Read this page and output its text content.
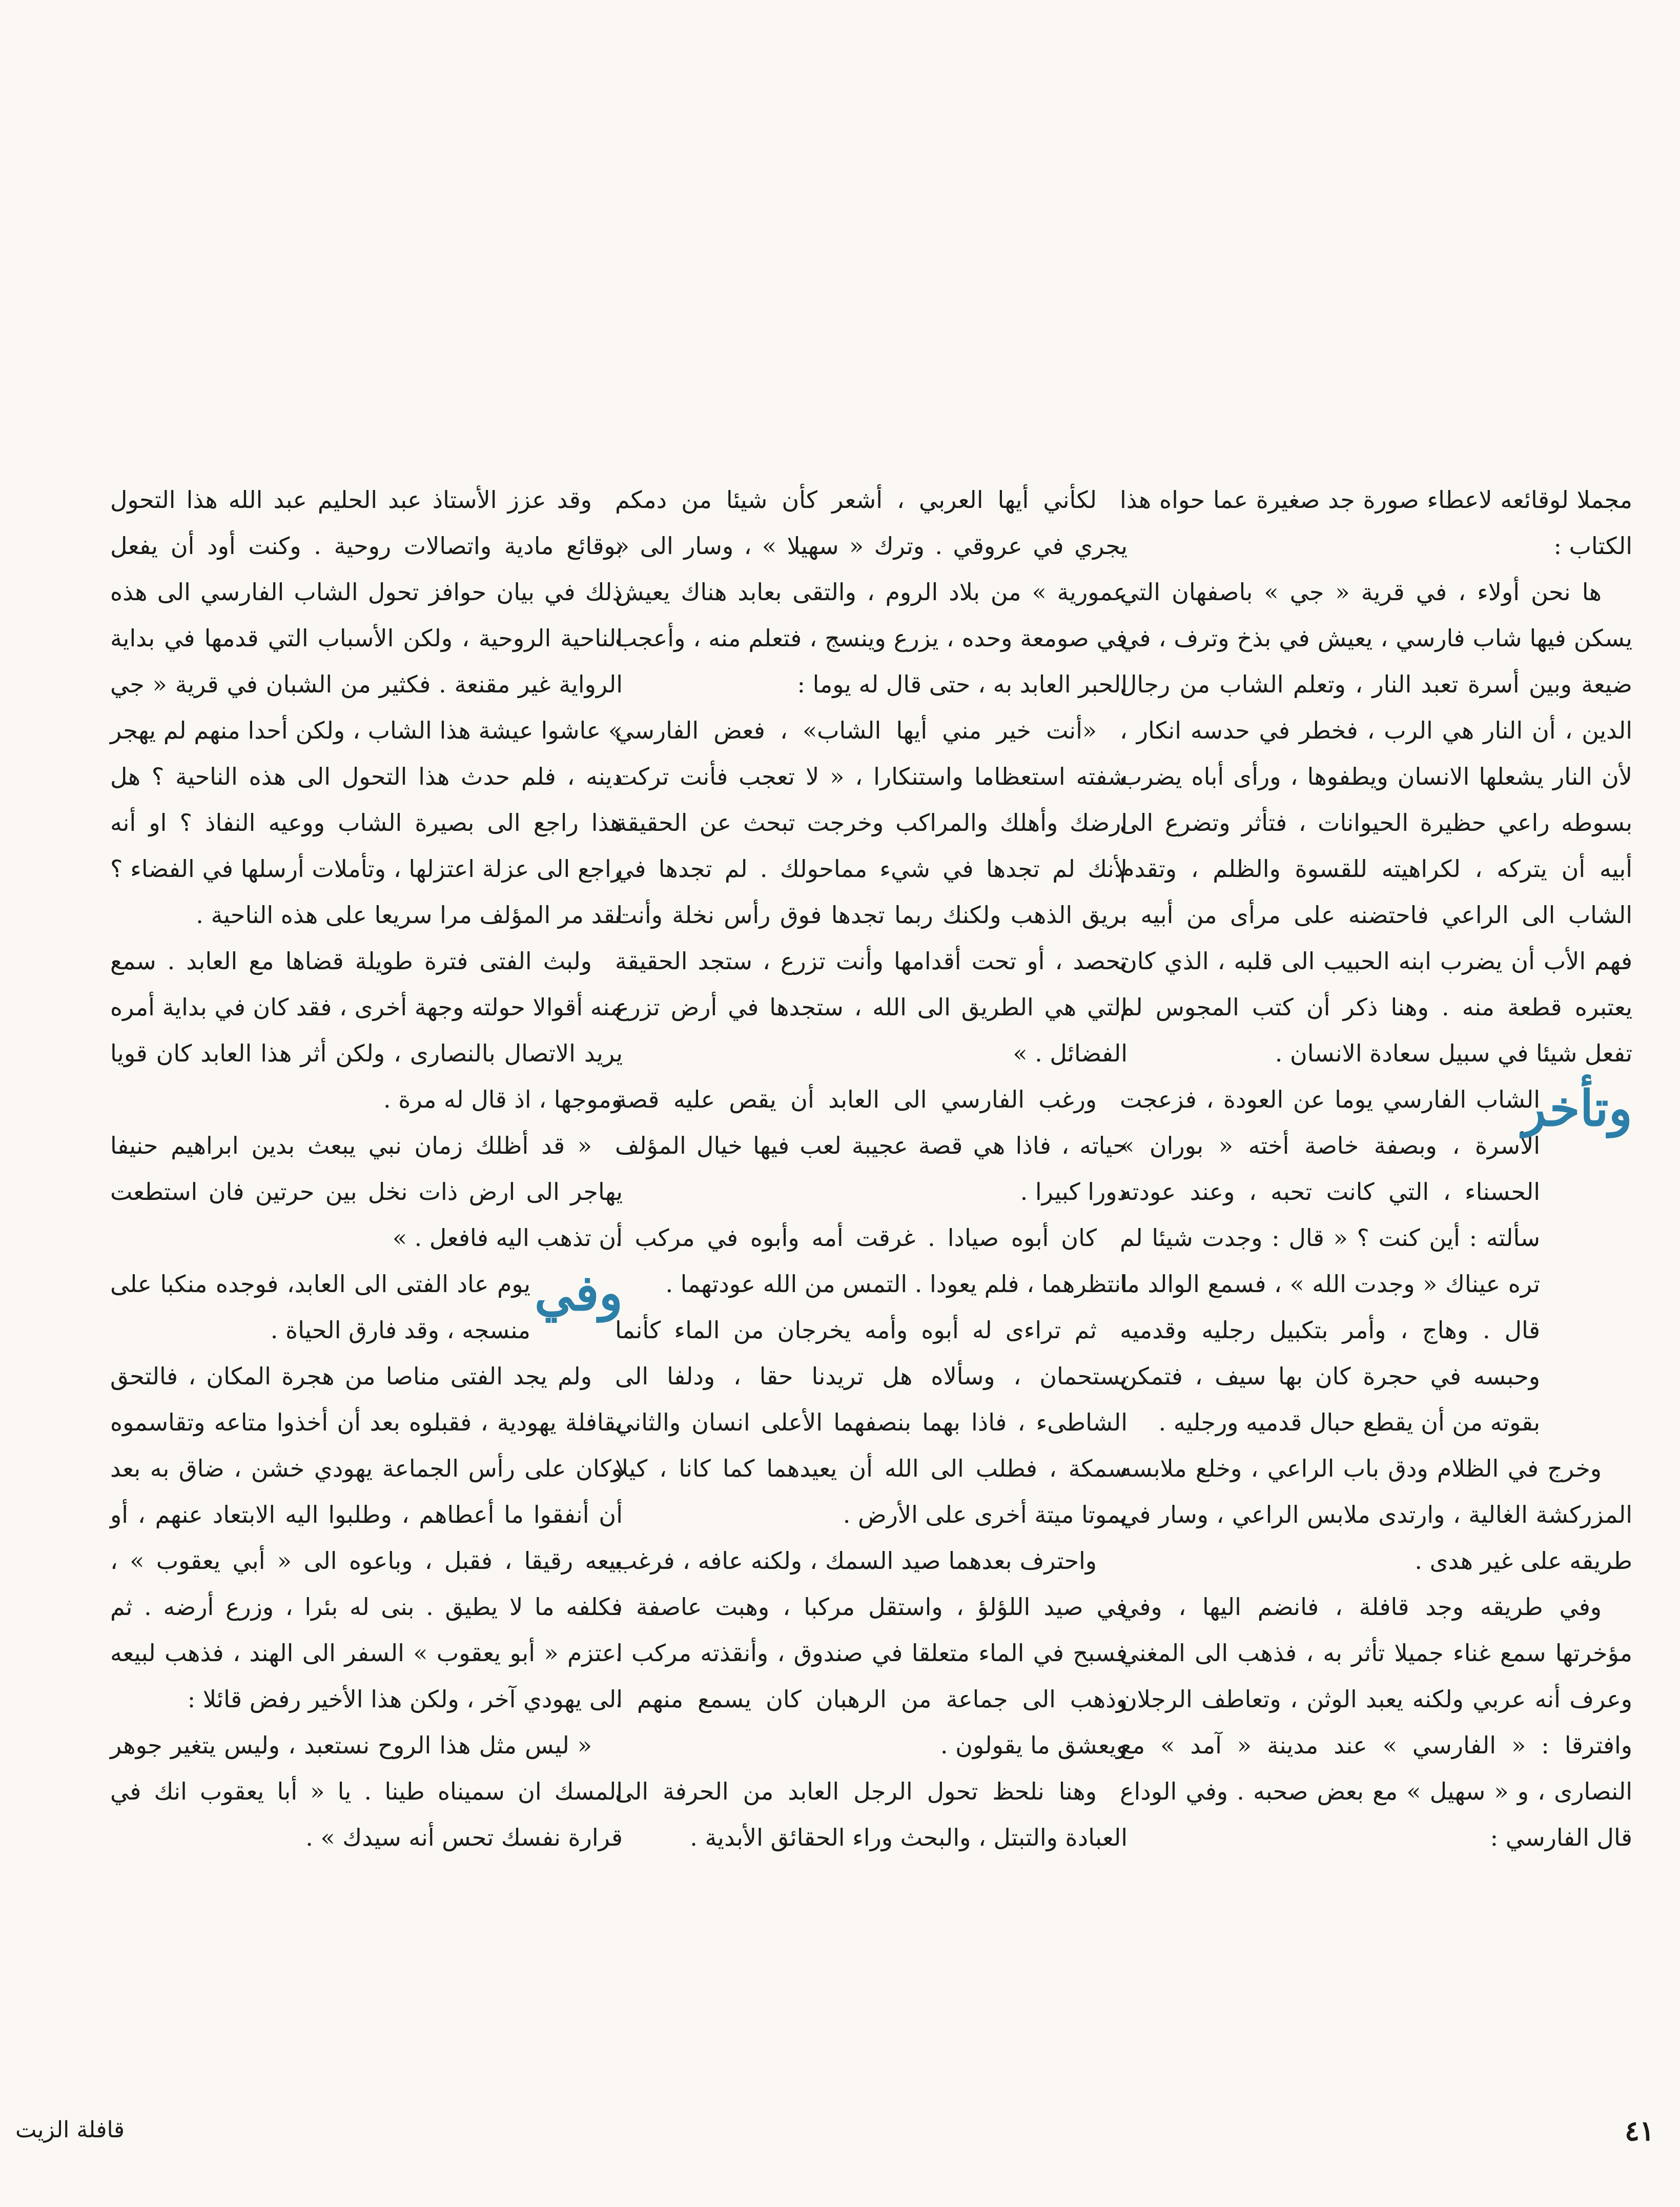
مجملا لوقائعه لاعطاء صورة جد صغيرة عما حواه هذا الكتاب :

ها نحن أولاء ، في قرية « جي » باصفهان التي يسكن فيها شاب فارسي ، يعيش في بذخ وترف ، في ضيعة وبين أسرة تعبد النار ، وتعلم الشاب من رجال الدين ، أن النار هي الرب ، فخطر في حدسه انكار ، لأن النار يشعلها الانسان ويطفوها ، ورأى أباه يضرب بسوطه راعي حظيرة الحيوانات ، فتأثر وتضرع الى أبيه أن يتركه ، لكراهيته للقسوة والظلم ، وتقدم الشاب الى الراعي فاحتضنه على مرأى من أبيه ، فهم الأب أن يضرب ابنه الحبيب الى قلبه ، الذي كان يعتبره قطعة منه . وهنا ذكر أن كتب المجوس لم تفعل شيئا في سبيل سعادة الانسان .

وتأخر

الشاب الفارسي يوما عن العودة ، فزعجت الأسرة ، وبصفة خاصة أخته « بوران » الحسناء ، التي كانت تحبه ، وعند عودته سألته : أين كنت ؟ « قال : وجدت شيئا لم تره عيناك « وجدت الله » ، فسمع الوالد ما قال . وهاج ، وأمر بتكبيل رجليه وقدميه وحبسه في حجرة كان بها سيف ، فتمكن بقوته من أن يقطع حبال قدميه ورجليه .

وخرج في الظلام ودق باب الراعي ، وخلع ملابسه المزركشة الغالية ، وارتدى ملابس الراعي ، وسار في طريقه على غير هدى .

وفي طريقه وجد قافلة ، فانضم اليها ، وفي مؤخرتها سمع غناء جميلا تأثر به ، فذهب الى المغني وعرف أنه عربي ولكنه يعبد الوثن ، وتعاطف الرجلان وافترقا : « الفارسي » عند مدينة « آمد » مع النصارى ، و « سهيل » مع بعض صحبه . وفي الوداع قال الفارسي :

لكأني أيها العربي ، أشعر كأن شيئا من دمكم يجري في عروقي . وترك « سهيلا » ، وسار الى « عمورية » من بلاد الروم ، والتقى بعابد هناك يعيش في صومعة وحده ، يزرع وينسج ، فتعلم منه ، وأعجب الحبر العابد به ، حتى قال له يوما :

«أنت خير مني أيها الشاب» ، فعض الفارسي شفته استعظاما واستنكارا ، « لا تعجب فأنت تركت ارضك وأهلك والمراكب وخرجت تبحث عن الحقيقة لأنك لم تجدها في شيء مماحولك . لم تجدها في بريق الذهب ولكنك ربما تجدها فوق رأس نخلة وأنت تحصد ، أو تحت أقدامها وأنت تزرع ، ستجد الحقيقة التي هي الطريق الى الله ، ستجدها في أرض تزرع الفضائل . »

ورغب الفارسي الى العابد أن يقص عليه قصة حياته ، فاذا هي قصة عجيبة لعب فيها خيال المؤلف دورا كبيرا .

كان أبوه صيادا . غرقت أمه وأبوه في مركب . انتظرهما ، فلم يعودا . التمس من الله عودتهما .

ثم تراءى له أبوه وأمه يخرجان من الماء كأنما يستحمان ، وسألاه هل تريدنا حقا ، ودلفا الى الشاطىء ، فاذا بهما بنصفهما الأعلى انسان والثاني سمكة ، فطلب الى الله أن يعيدهما كما كانا ، كيلا يموتا ميتة أخرى على الأرض .

واحترف بعدهما صيد السمك ، ولكنه عافه ، فرغب في صيد اللؤلؤ ، واستقل مركبا ، وهبت عاصفة ، فسبح في الماء متعلقا في صندوق ، وأنقذته مركب . وذهب الى جماعة من الرهبان كان يسمع منهم ، ويعشق ما يقولون .

وهنا نلحظ تحول الرجل العابد من الحرفة الى العبادة والتبتل ، والبحث وراء الحقائق الأبدية .

وقد عزز الأستاذ عبد الحليم عبد الله هذا التحول بوقائع مادية واتصالات روحية . وكنت أود أن يفعل ذلك في بيان حوافز تحول الشاب الفارسي الى هذه الناحية الروحية ، ولكن الأسباب التي قدمها في بداية الرواية غير مقنعة . فكثير من الشبان في قرية « جي » عاشوا عيشة هذا الشاب ، ولكن أحدا منهم لم يهجر دينه ، فلم حدث هذا التحول الى هذه الناحية ؟ هل هذا راجع الى بصيرة الشاب ووعيه النفاذ ؟ او أنه راجع الى عزلة اعتزلها ، وتأملات أرسلها في الفضاء ؟ لقد مر المؤلف مرا سريعا على هذه الناحية .

ولبث الفتى فترة طويلة قضاها مع العابد . سمع منه أقوالا حولته وجهة أخرى ، فقد كان في بداية أمره يريد الاتصال بالنصارى ، ولكن أثر هذا العابد كان قويا وموجها ، اذ قال له مرة .

« قد أظلك زمان نبي يبعث بدين ابراهيم حنيفا يهاجر الى ارض ذات نخل بين حرتين فان استطعت أن تذهب اليه فافعل . »

وفي

يوم عاد الفتى الى العابد، فوجده منكبا على منسجه ، وقد فارق الحياة .

ولم يجد الفتى مناصا من هجرة المكان ، فالتحق بقافلة يهودية ، فقبلوه بعد أن أخذوا متاعه وتقاسموه وكان على رأس الجماعة يهودي خشن ، ضاق به بعد أن أنفقوا ما أعطاهم ، وطلبوا اليه الابتعاد عنهم ، أو بيعه رقيقا ، فقبل ، وباعوه الى « أبي يعقوب » ، فكلفه ما لا يطيق . بنى له بئرا ، وزرع أرضه . ثم اعتزم « أبو يعقوب » السفر الى الهند ، فذهب لبيعه الى يهودي آخر ، ولكن هذا الأخير رفض قائلا :

« ليس مثل هذا الروح نستعبد ، وليس يتغير جوهر المسك ان سميناه طينا . يا « أبا يعقوب انك في قرارة نفسك تحس أنه سيدك » .

قافلة الزيت	٤١
